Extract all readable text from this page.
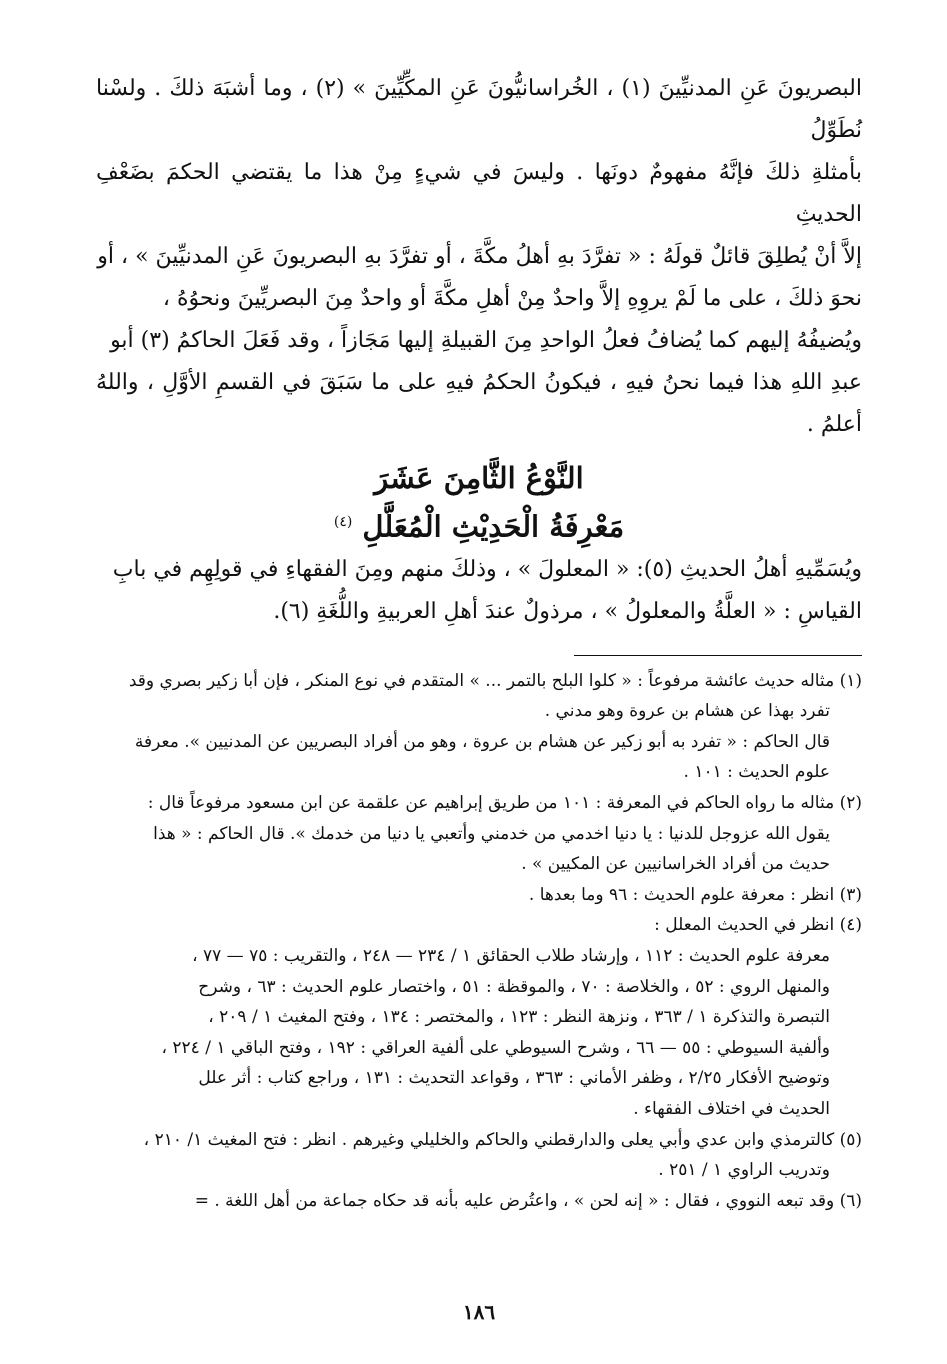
البصريونَ عَنِ المدنيِّينَ (١) ، الخُراسانيُّونَ عَنِ المكِّيِّينَ » (٢) ، وما أشبَهَ ذلكَ . ولسْنا نُطَوِّلُ

بأمثلةِ ذلكَ فإنَّهُ مفهومٌ دونَها . وليسَ في شيءٍ مِنْ هذا ما يقتضي الحكمَ بضَعْفِ الحديثِ

إلاَّ أنْ يُطلِقَ قائلٌ قولَهُ : « تفرَّدَ بهِ أهلُ مكَّةَ ، أو تفرَّدَ بهِ البصريونَ عَنِ المدنيِّينَ » ، أو

نحوَ ذلكَ ، على ما لَمْ يروِهِ إلاَّ واحدٌ مِنْ أهلِ مكَّةَ أو واحدٌ مِنَ البصريِّينَ ونحوُهُ ،

ويُضيفُهُ إليهم كما يُضافُ فعلُ الواحدِ مِنَ القبيلةِ إليها مَجَازاً ، وقد فَعَلَ الحاكمُ (٣) أبو

عبدِ اللهِ هذا فيما نحنُ فيهِ ، فيكونُ الحكمُ فيهِ على ما سَبَقَ في القسمِ الأوَّلِ ، واللهُ أعلمُ .

النَّوْعُ الثَّامِنَ عَشَرَ
مَعْرِفَةُ الْحَدِيْثِ الْمُعَلَّلِ $^{(٤)}$

ويُسَمِّيهِ أهلُ الحديثِ (٥): « المعلولَ » ، وذلكَ منهم ومِنَ الفقهاءِ في قولِهِم في بابِ

القياسِ : « العلَّةُ والمعلولُ » ، مرذولٌ عندَ أهلِ العربيةِ واللُّغَةِ (٦).

(١) مثاله حديث عائشة مرفوعاً : « كلوا البلح بالتمر ... » المتقدم في نوع المنكر ، فإن أبا زكير بصري وقد

تفرد بهذا عن هشام بن عروة وهو مدني .

قال الحاكم : « تفرد به أبو زكير عن هشام بن عروة ، وهو من أفراد البصريين عن المدنيين ». معرفة

علوم الحديث : ١٠١ .

(٢) مثاله ما رواه الحاكم في المعرفة : ١٠١ من طريق إبراهيم عن علقمة عن ابن مسعود مرفوعاً قال :

يقول الله عزوجل للدنيا : يا دنيا اخدمي من خدمني وأتعبي يا دنيا من خدمك ». قال الحاكم : « هذا

حديث من أفراد الخراسانيين عن المكيين » .

(٣) انظر : معرفة علوم الحديث : ٩٦ وما بعدها .

(٤) انظر في الحديث المعلل :

معرفة علوم الحديث : ١١٢ ، وإرشاد طلاب الحقائق ١ / ٢٣٤ — ٢٤٨ ، والتقريب : ٧٥ — ٧٧ ،

والمنهل الروي : ٥٢ ، والخلاصة : ٧٠ ، والموقظة : ٥١ ، واختصار علوم الحديث : ٦٣ ، وشرح

التبصرة والتذكرة ١ / ٣٦٣ ، ونزهة النظر : ١٢٣ ، والمختصر : ١٣٤ ، وفتح المغيث ١ / ٢٠٩ ،

وألفية السيوطي : ٥٥ — ٦٦ ، وشرح السيوطي على ألفية العراقي : ١٩٢ ، وفتح الباقي ١ / ٢٢٤ ،

وتوضيح الأفكار ٢/٢٥ ، وظفر الأماني : ٣٦٣ ، وقواعد التحديث : ١٣١ ، وراجع كتاب : أثر علل

الحديث في اختلاف الفقهاء .

(٥) كالترمذي وابن عدي وأبي يعلى والدارقطني والحاكم والخليلي وغيرهم . انظر : فتح المغيث ١/ ٢١٠ ،

وتدريب الراوي ١ / ٢٥١ .

(٦) وقد تبعه النووي ، فقال : « إنه لحن » ، واعتُرض عليه بأنه قد حكاه جماعة من أهل اللغة . =

١٨٦
